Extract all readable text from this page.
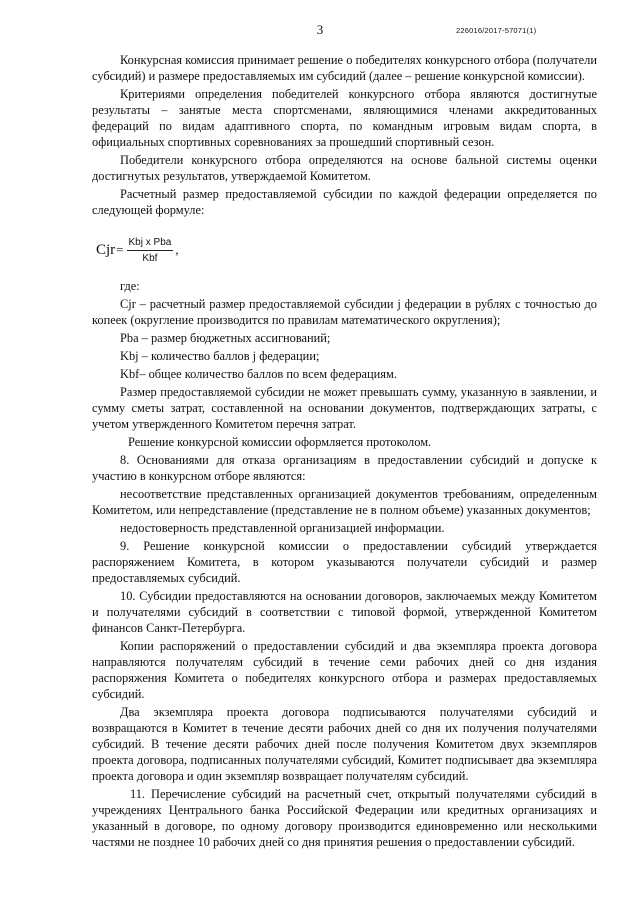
3	226016/2017-57071(1)

Конкурсная комиссия принимает решение о победителях конкурсного отбора (получатели субсидий) и размере предоставляемых им субсидий (далее – решение конкурсной комиссии).

Критериями определения победителей конкурсного отбора являются достигнутые результаты – занятые места спортсменами, являющимися членами аккредитованных федераций по видам адаптивного спорта, по командным игровым видам спорта, в официальных спортивных соревнованиях за прошедший спортивный сезон.

Победители конкурсного отбора определяются на основе бальной системы оценки достигнутых результатов, утверждаемой Комитетом.

Расчетный размер предоставляемой субсидии по каждой федерации определяется по следующей формуле:

Cjr = $\frac{\text{Kbj x Pba}}{\text{Kbf}}$ ,

где:

Cjr – расчетный размер предоставляемой субсидии j федерации в рублях с точностью до копеек (округление производится по правилам математического округления);

Pba – размер бюджетных ассигнований;

Kbj – количество баллов j федерации;

Kbf– общее количество баллов по всем федерациям.

Размер предоставляемой субсидии не может превышать сумму, указанную в заявлении, и сумму сметы затрат, составленной на основании документов, подтверждающих затраты, с учетом утвержденного Комитетом перечня затрат.

Решение конкурсной комиссии оформляется протоколом.

8. Основаниями для отказа организациям в предоставлении субсидий и допуске к участию в конкурсном отборе являются:

несоответствие представленных организацией документов требованиям, определенным Комитетом, или непредставление (представление не в полном объеме) указанных документов;

недостоверность представленной организацией информации.

9. Решение конкурсной комиссии о предоставлении субсидий утверждается распоряжением Комитета, в котором указываются получатели субсидий и размер предоставляемых субсидий.

10. Субсидии предоставляются на основании договоров, заключаемых между Комитетом и получателями субсидий в соответствии с типовой формой, утвержденной Комитетом финансов Санкт-Петербурга.

Копии распоряжений о предоставлении субсидий и два экземпляра проекта договора направляются получателям субсидий в течение семи рабочих дней со дня издания распоряжения Комитета о победителях конкурсного отбора и размерах предоставляемых субсидий.

Два экземпляра проекта договора подписываются получателями субсидий и возвращаются в Комитет в течение десяти рабочих дней со дня их получения получателями субсидий. В течение десяти рабочих дней после получения Комитетом двух экземпляров проекта договора, подписанных получателями субсидий, Комитет подписывает два экземпляра проекта договора и один экземпляр возвращает получателям субсидий.

11. Перечисление субсидий на расчетный счет, открытый получателями субсидий в учреждениях Центрального банка Российской Федерации или кредитных организациях и указанный в договоре, по одному договору производится единовременно или несколькими частями не позднее 10 рабочих дней со дня принятия решения о предоставлении субсидий.
